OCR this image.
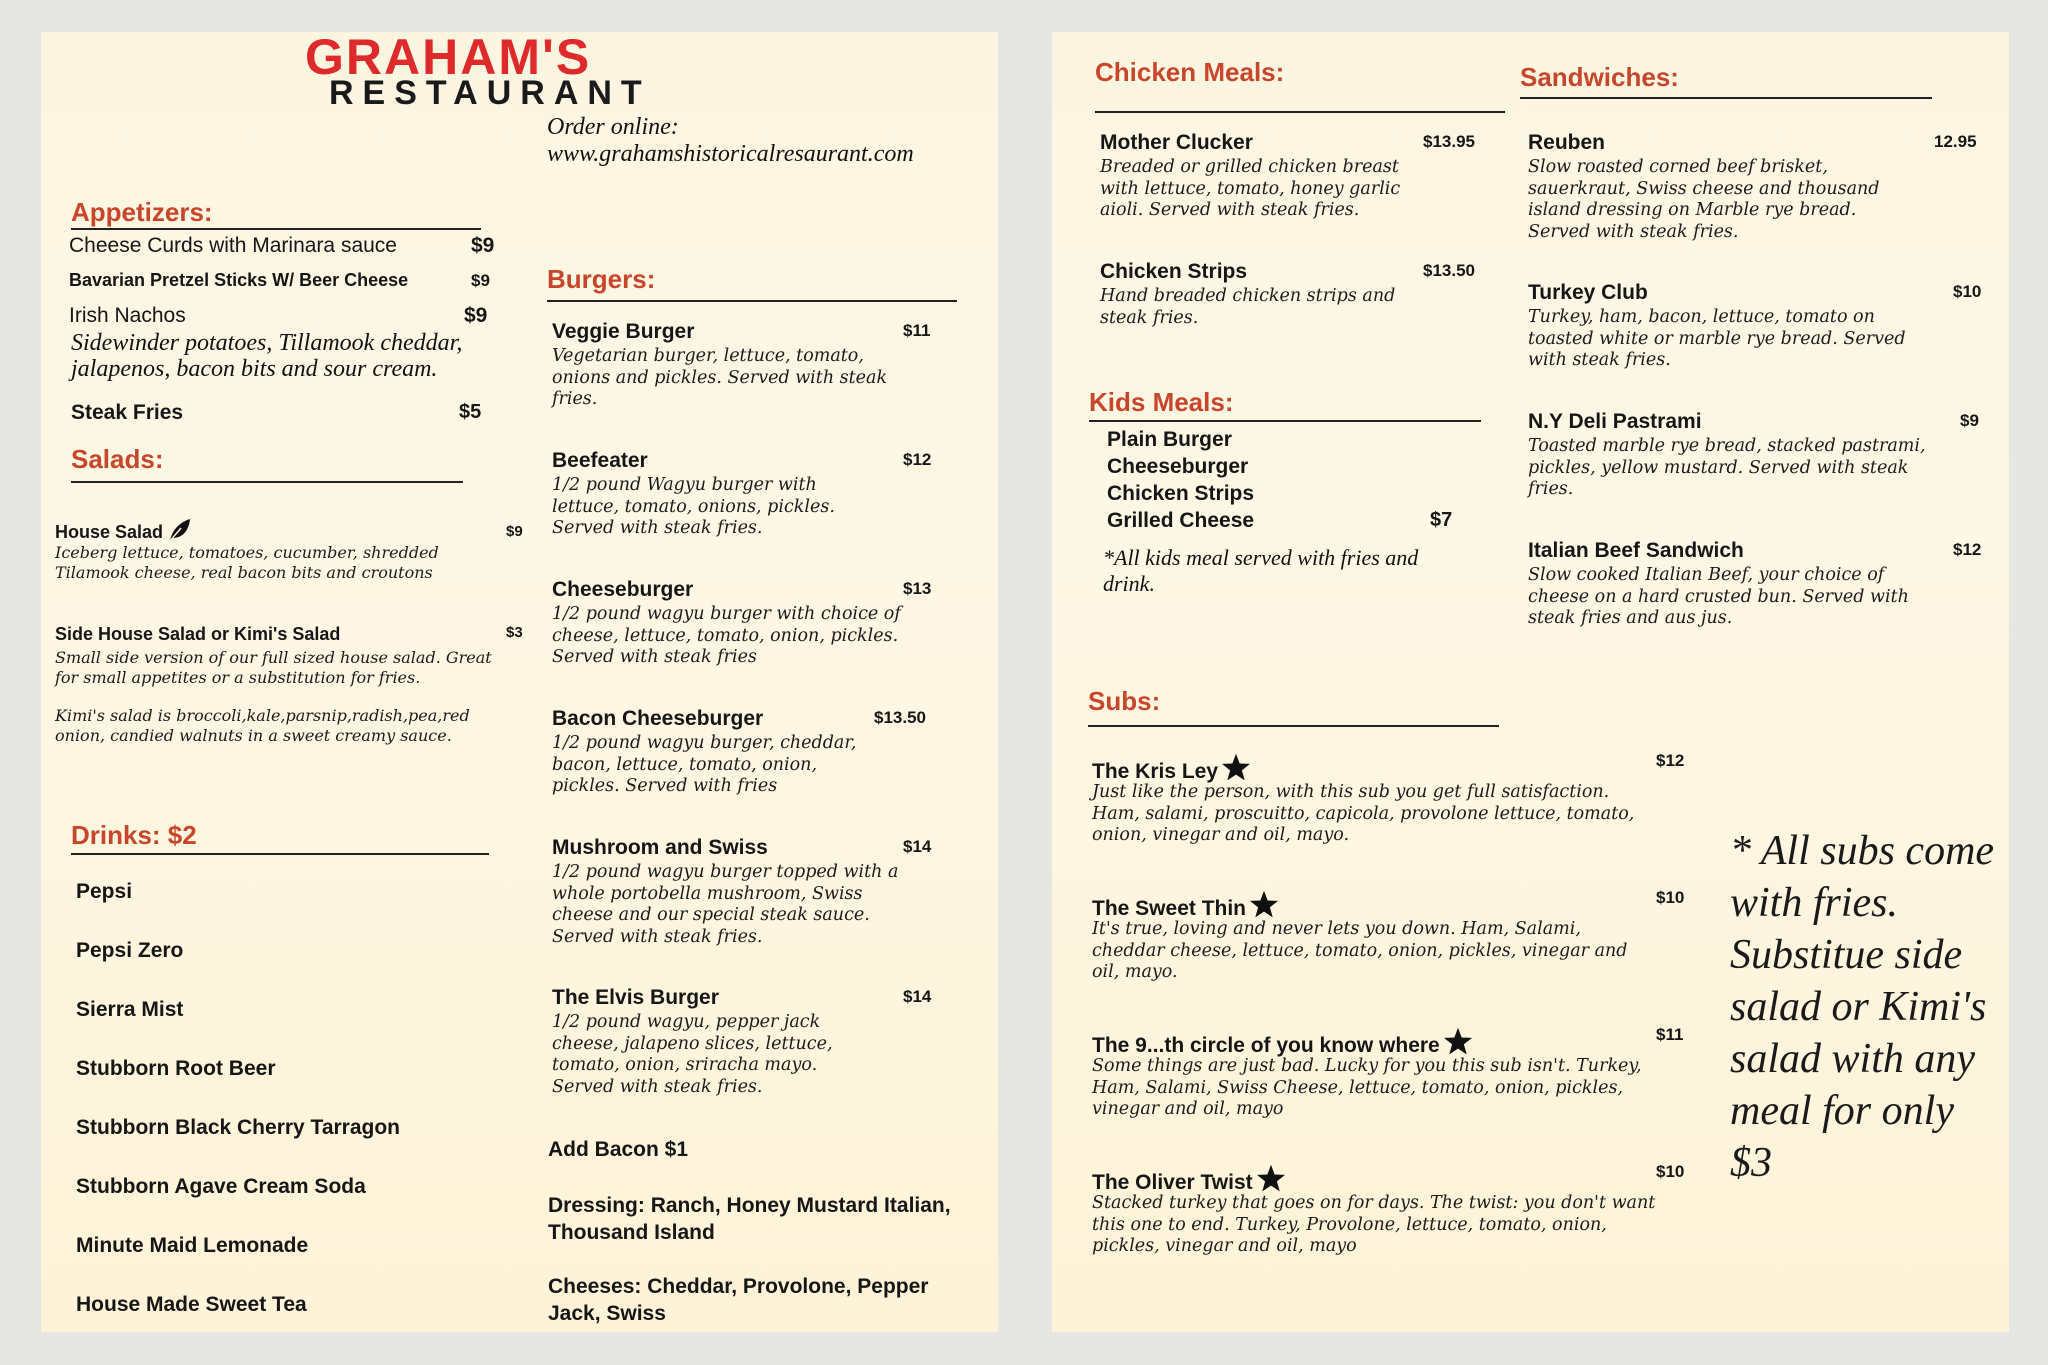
GRAHAM'S
RESTAURANT
Order online:
www.grahamshistoricalresaurant.com
Appetizers:
Cheese Curds with Marinara sauce	$9
Bavarian Pretzel Sticks W/ Beer Cheese	$9
Irish Nachos	$9
Sidewinder potatoes, Tillamook cheddar, jalapenos, bacon bits and sour cream.
Steak Fries	$5
Salads:
House Salad	$9
Iceberg lettuce, tomatoes, cucumber, shredded Tilamook cheese, real bacon bits and croutons
Side House Salad or Kimi's Salad	$3
Small side version of our full sized house salad. Great for small appetites or a substitution for fries.
Kimi's salad is broccoli,kale,parsnip,radish,pea,red onion, candied walnuts in a sweet creamy sauce.
Drinks: $2
Pepsi
Pepsi Zero
Sierra Mist
Stubborn Root Beer
Stubborn Black Cherry Tarragon
Stubborn Agave Cream Soda
Minute Maid Lemonade
House Made Sweet Tea
Burgers:
Veggie Burger	$11
Vegetarian burger, lettuce, tomato, onions and pickles. Served with steak fries.
Beefeater	$12
1/2 pound Wagyu burger with lettuce, tomato, onions, pickles. Served with steak fries.
Cheeseburger	$13
1/2 pound wagyu burger with choice of cheese, lettuce, tomato, onion, pickles. Served with steak fries
Bacon Cheeseburger	$13.50
1/2 pound wagyu burger, cheddar, bacon, lettuce, tomato, onion, pickles. Served with fries
Mushroom and Swiss	$14
1/2 pound wagyu burger topped with a whole portobella mushroom, Swiss cheese and our special steak sauce. Served with steak fries.
The Elvis Burger	$14
1/2 pound wagyu, pepper jack cheese, jalapeno slices, lettuce, tomato, onion, sriracha mayo. Served with steak fries.
Add Bacon $1
Dressing: Ranch, Honey Mustard Italian, Thousand Island
Cheeses: Cheddar, Provolone, Pepper Jack, Swiss
Chicken Meals:
Mother Clucker	$13.95
Breaded or grilled chicken breast with lettuce, tomato, honey garlic aioli. Served with steak fries.
Chicken Strips	$13.50
Hand breaded chicken strips and steak fries.
Kids Meals:
Plain Burger
Cheeseburger
Chicken Strips
Grilled Cheese	$7
*All kids meal served with fries and drink.
Sandwiches:
Reuben	12.95
Slow roasted corned beef brisket, sauerkraut, Swiss cheese and thousand island dressing on Marble rye bread. Served with steak fries.
Turkey Club	$10
Turkey, ham, bacon, lettuce, tomato on toasted white or marble rye bread. Served with steak fries.
N.Y Deli Pastrami	$9
Toasted marble rye bread, stacked pastrami, pickles, yellow mustard. Served with steak fries.
Italian Beef Sandwich	$12
Slow cooked Italian Beef, your choice of cheese on a hard crusted bun. Served with steak fries and aus jus.
Subs:
The Kris Ley	$12
Just like the person, with this sub you get full satisfaction. Ham, salami, proscuitto, capicola, provolone lettuce, tomato, onion, vinegar and oil, mayo.
The Sweet Thin	$10
It's true, loving and never lets you down. Ham, Salami, cheddar cheese, lettuce, tomato, onion, pickles, vinegar and oil, mayo.
The 9...th circle of you know where	$11
Some things are just bad. Lucky for you this sub isn't. Turkey, Ham, Salami, Swiss Cheese, lettuce, tomato, onion, pickles, vinegar and oil, mayo
The Oliver Twist	$10
Stacked turkey that goes on for days. The twist: you don't want this one to end. Turkey, Provolone, lettuce, tomato, onion, pickles, vinegar and oil, mayo
* All subs come with fries. Substitue side salad or Kimi's salad with any meal for only $3
